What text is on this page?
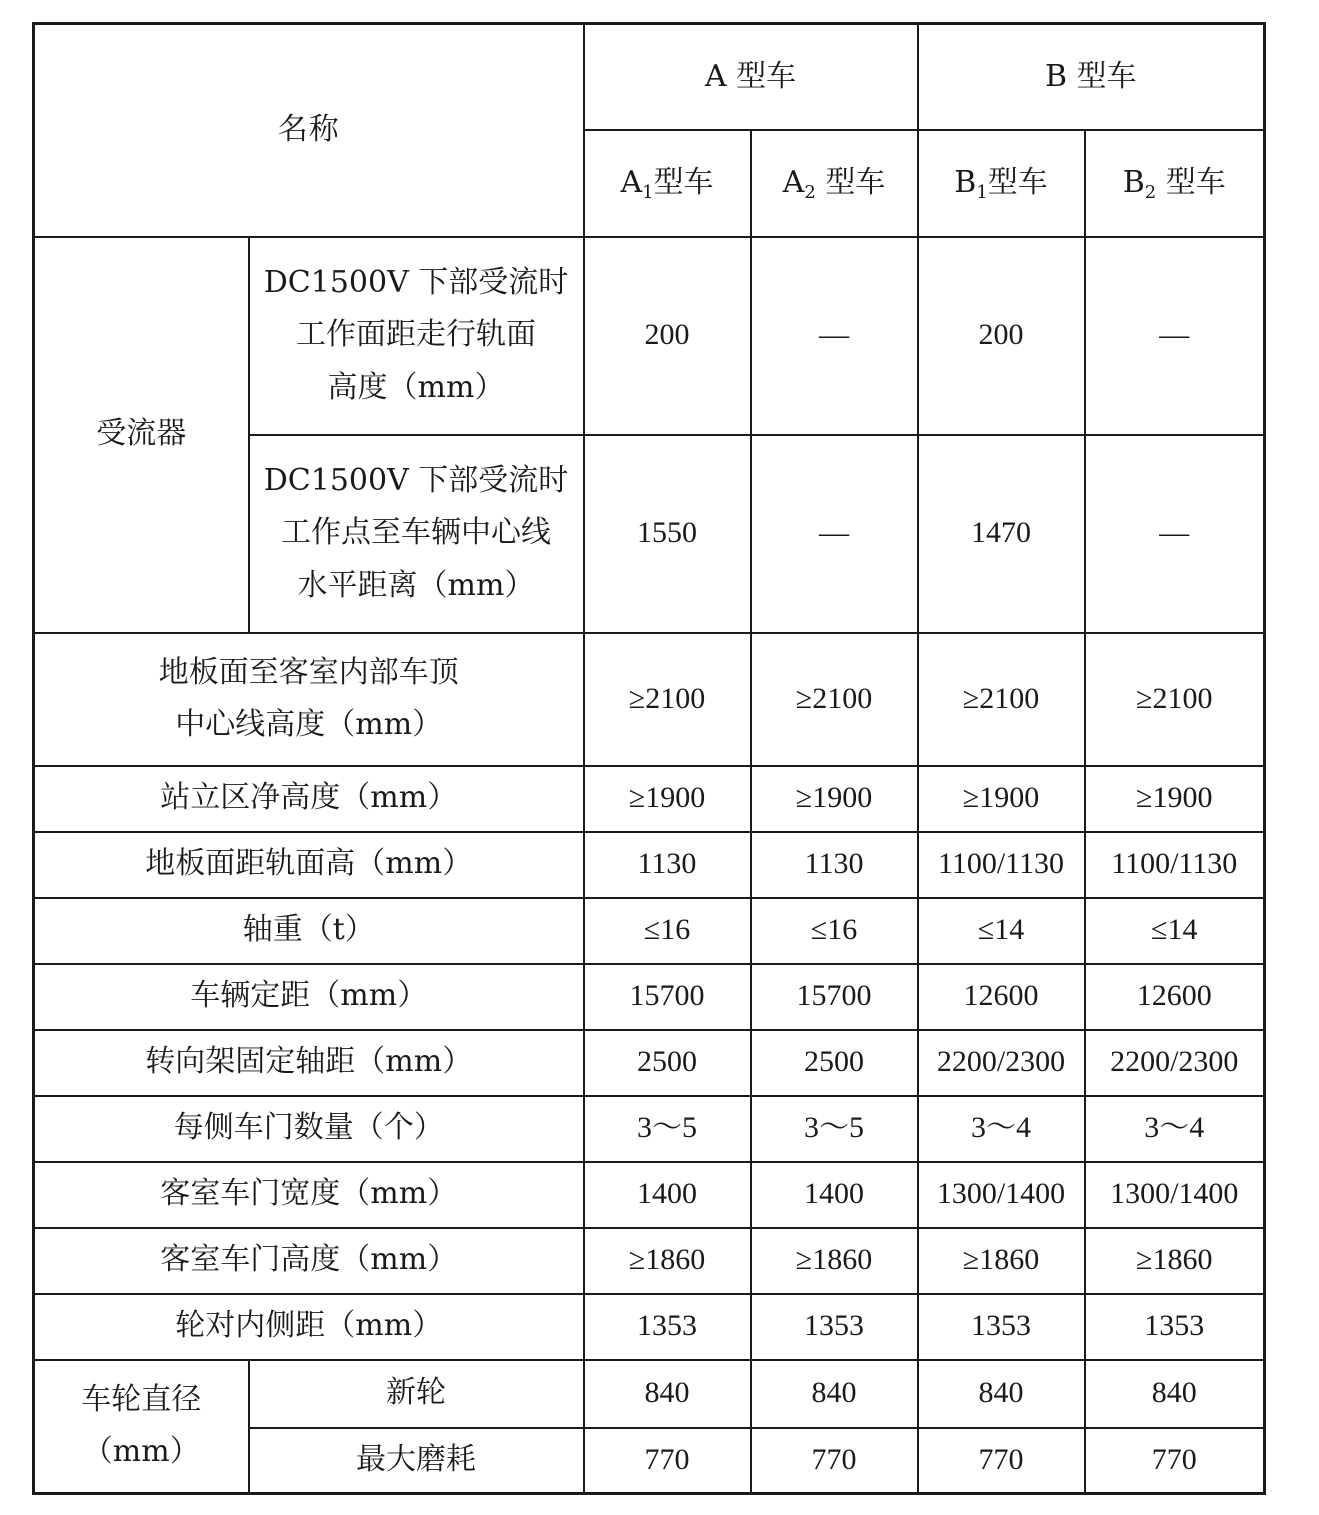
名称		A 型车		B 型车	
		$A_1$型车	$A_2$ 型车	$B_1$型车	$B_2$ 型车
受流器	DC1500V 下部受流时
工作面距走行轨面
高度（mm）	200	—	200	—

	DC1500V 下部受流时
工作点至车辆中心线
水平距离（mm）	1550	—	1470	—

地板面至客室内部车顶
中心线高度（mm）		≥2100	≥2100	≥2100	≥2100
站立区净高度（mm）		≥1900	≥1900	≥1900	≥1900
地板面距轨面高（mm）		1130	1130	1100/1130	1100/1130
轴重（t）		≤16	≤16	≤14	≤14
车辆定距（mm）		15700	15700	12600	12600
转向架固定轴距（mm）		2500	2500	2200/2300	2200/2300
每侧车门数量（个）		3～5	3～5	3～4	3～4
客室车门宽度（mm）		1400	1400	1300/1400	1300/1400
客室车门高度（mm）		≥1860	≥1860	≥1860	≥1860
轮对内侧距（mm）		1353	1353	1353	1353

车轮直径
（mm）	新轮	840	840	840	840
	最大磨耗	770	770	770	770
